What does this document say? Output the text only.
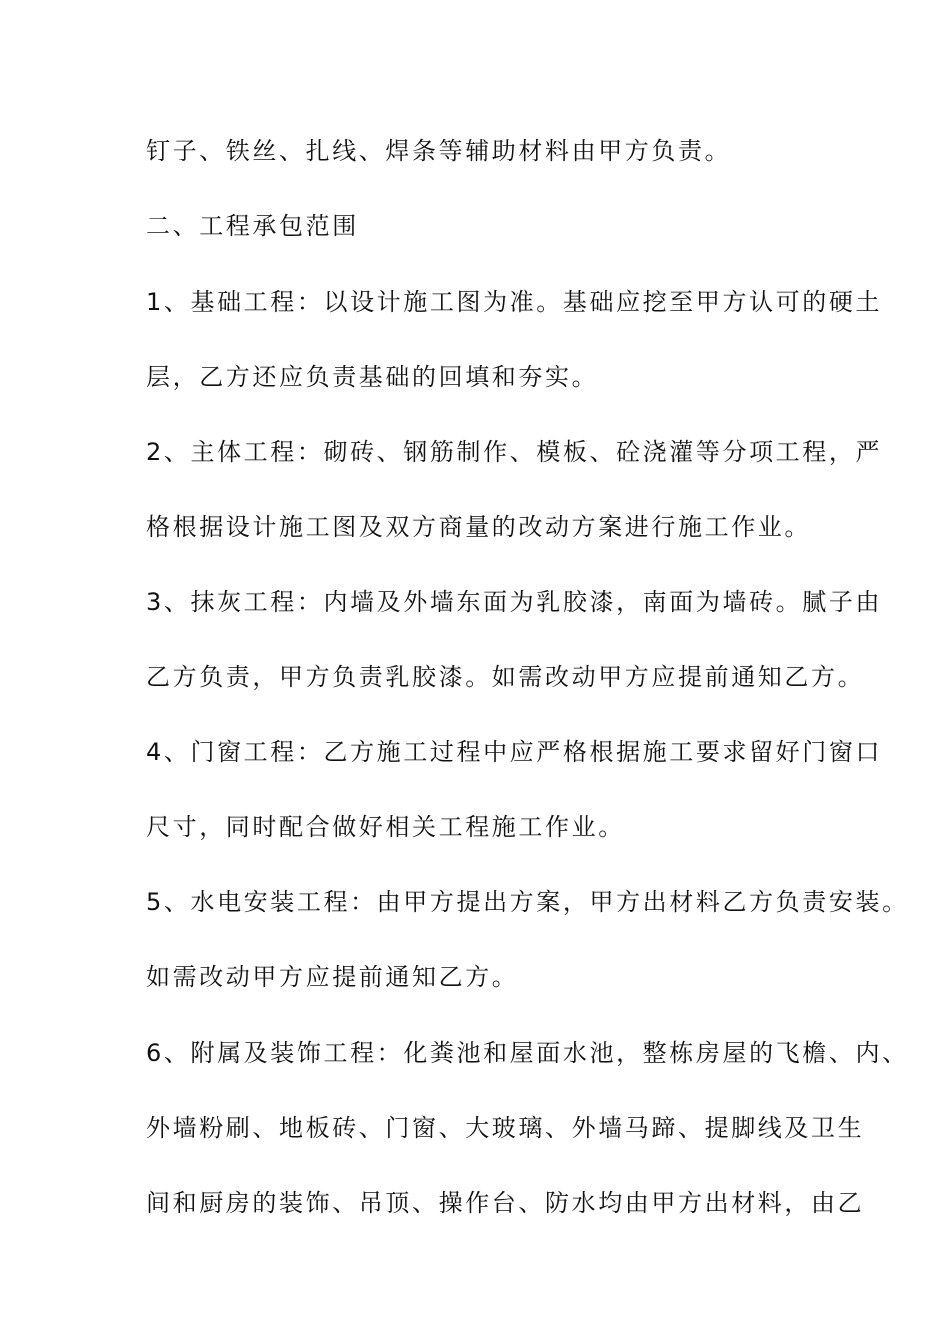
钉子、铁丝、扎线、焊条等辅助材料由甲方负责。
二、工程承包范围
1、基础工程：以设计施工图为准。基础应挖至甲方认可的硬土
层，乙方还应负责基础的回填和夯实。
2、主体工程：砌砖、钢筋制作、模板、砼浇灌等分项工程，严
格根据设计施工图及双方商量的改动方案进行施工作业。
3、抹灰工程：内墙及外墙东面为乳胶漆，南面为墙砖。腻子由
乙方负责，甲方负责乳胶漆。如需改动甲方应提前通知乙方。
4、门窗工程：乙方施工过程中应严格根据施工要求留好门窗口
尺寸，同时配合做好相关工程施工作业。
5、水电安装工程：由甲方提出方案，甲方出材料乙方负责安装。
如需改动甲方应提前通知乙方。
6、附属及装饰工程：化粪池和屋面水池，整栋房屋的飞檐、内、
外墙粉刷、地板砖、门窗、大玻璃、外墙马蹄、提脚线及卫生
间和厨房的装饰、吊顶、操作台、防水均由甲方出材料，由乙
